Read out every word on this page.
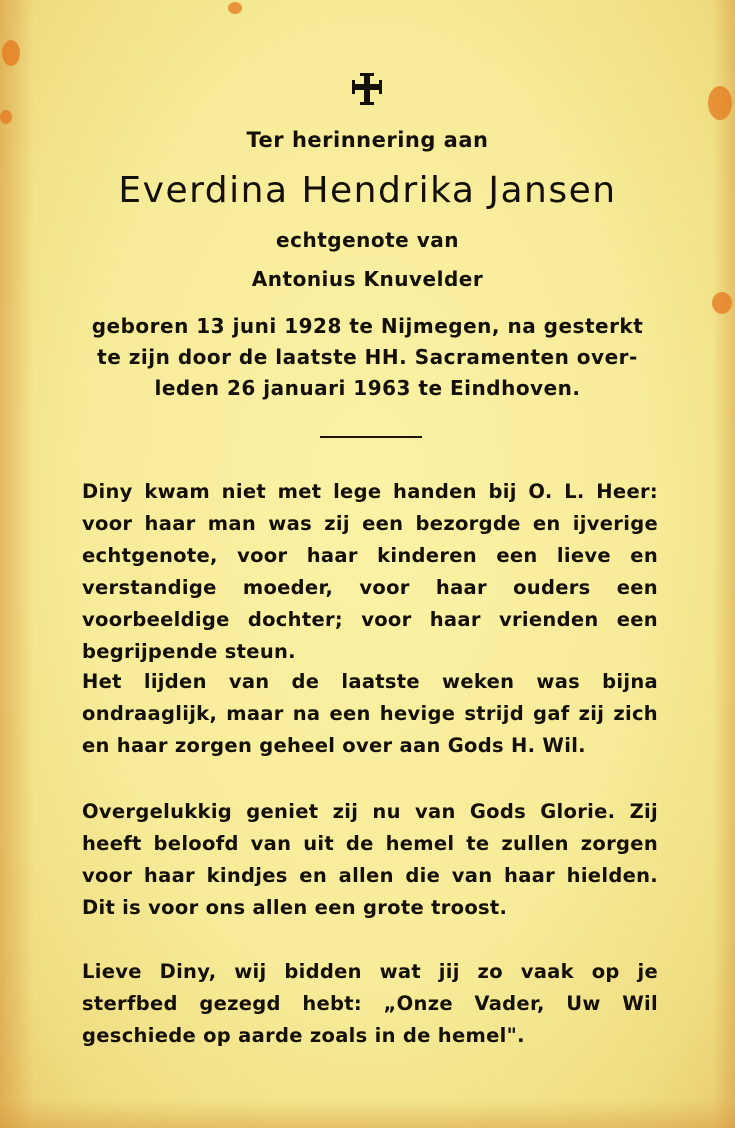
Ter herinnering aan
Everdina Hendrika Jansen
echtgenote van
Antonius Knuvelder
geboren 13 juni 1928 te Nijmegen, na gesterkt
te zijn door de laatste HH. Sacramenten over-
leden 26 januari 1963 te Eindhoven.
Diny kwam niet met lege handen bij O. L. Heer: voor haar man was zij een bezorgde en ijverige echtgenote, voor haar kinderen een lieve en verstandige moeder, voor haar ouders een voorbeeldige dochter; voor haar vrienden een begrijpende steun.
Het lijden van de laatste weken was bijna ondraaglijk, maar na een hevige strijd gaf zij zich en haar zorgen geheel over aan Gods H. Wil.
Overgelukkig geniet zij nu van Gods Glorie. Zij heeft beloofd van uit de hemel te zullen zorgen voor haar kindjes en allen die van haar hielden. Dit is voor ons allen een grote troost.
Lieve Diny, wij bidden wat jij zo vaak op je sterfbed gezegd hebt: „Onze Vader, Uw Wil geschiede op aarde zoals in de hemel".
